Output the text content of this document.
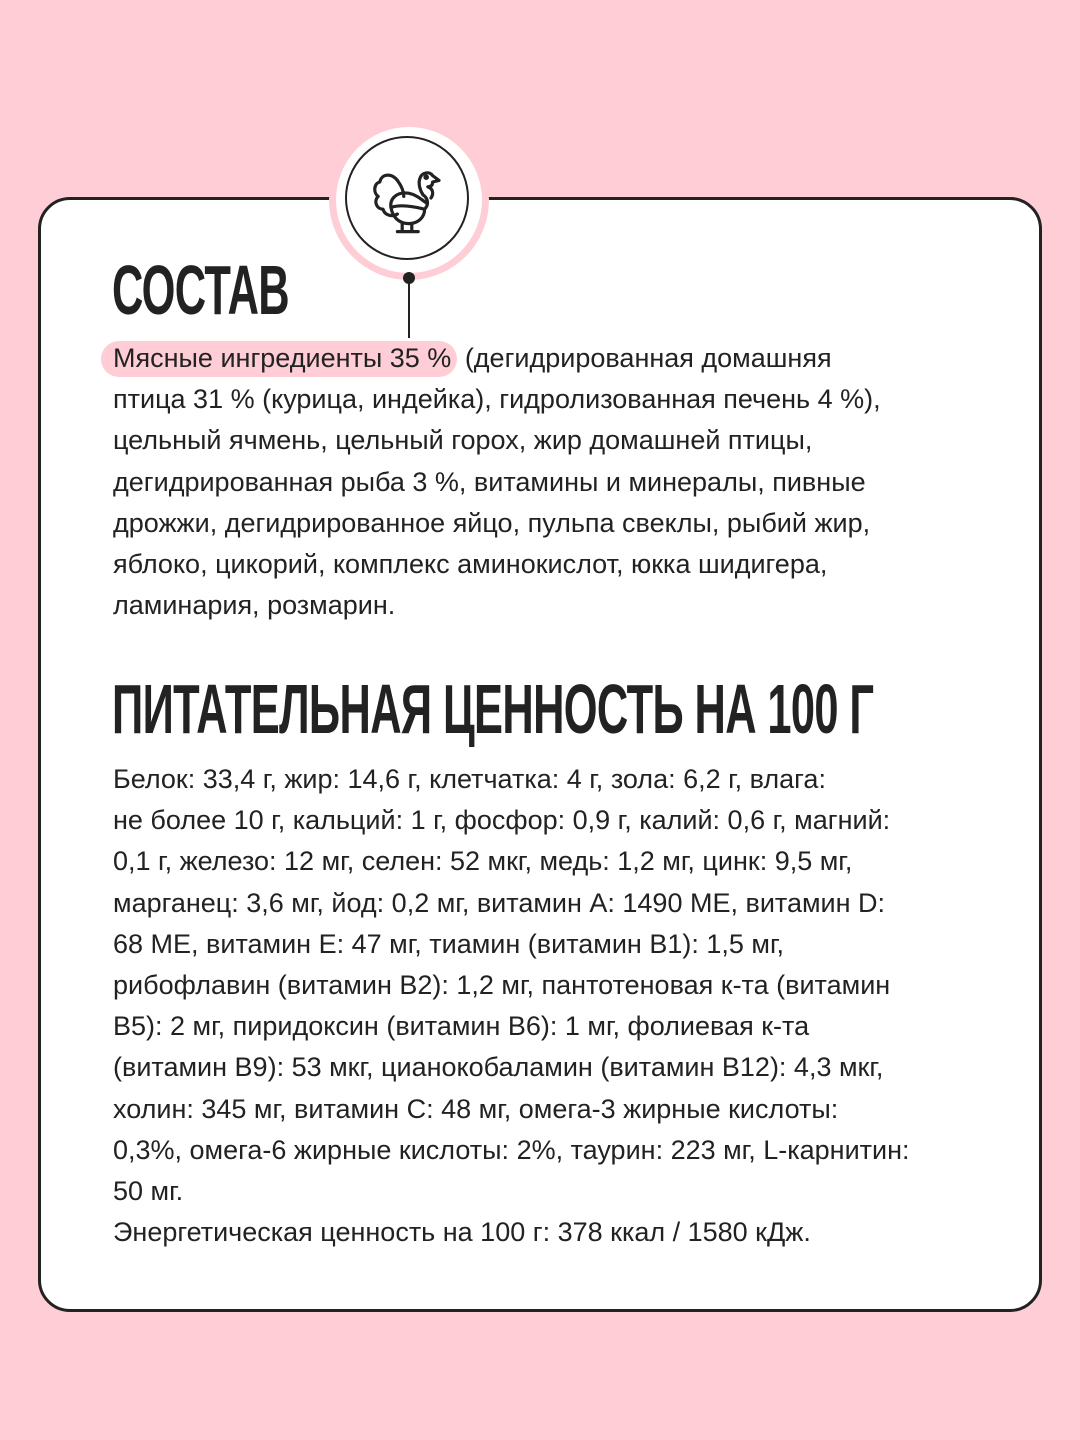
СОСТАВ
Мясные ингредиенты 35 % (дегидрированная домашняя
птица 31 % (курица, индейка), гидролизованная печень 4 %),
цельный ячмень, цельный горох, жир домашней птицы,
дегидрированная рыба 3 %, витамины и минералы, пивные
дрожжи, дегидрированное яйцо, пульпа свеклы, рыбий жир,
яблоко, цикорий, комплекс аминокислот, юкка шидигера,
ламинария, розмарин.
ПИТАТЕЛЬНАЯ ЦЕННОСТЬ НА 100 Г
Белок: 33,4 г, жир: 14,6 г, клетчатка: 4 г, зола: 6,2 г, влага:
не более 10 г, кальций: 1 г, фосфор: 0,9 г, калий: 0,6 г, магний:
0,1 г, железо: 12 мг, селен: 52 мкг, медь: 1,2 мг, цинк: 9,5 мг,
марганец: 3,6 мг, йод: 0,2 мг, витамин A: 1490 МЕ, витамин D:
68 МЕ, витамин E: 47 мг, тиамин (витамин B1): 1,5 мг,
рибофлавин (витамин B2): 1,2 мг, пантотеновая к-та (витамин
B5): 2 мг, пиридоксин (витамин B6): 1 мг, фолиевая к-та
(витамин B9): 53 мкг, цианокобаламин (витамин B12): 4,3 мкг,
холин: 345 мг, витамин C: 48 мг, омега-3 жирные кислоты:
0,3%, омега-6 жирные кислоты: 2%, таурин: 223 мг, L-карнитин:
50 мг.
Энергетическая ценность на 100 г: 378 ккал / 1580 кДж.
